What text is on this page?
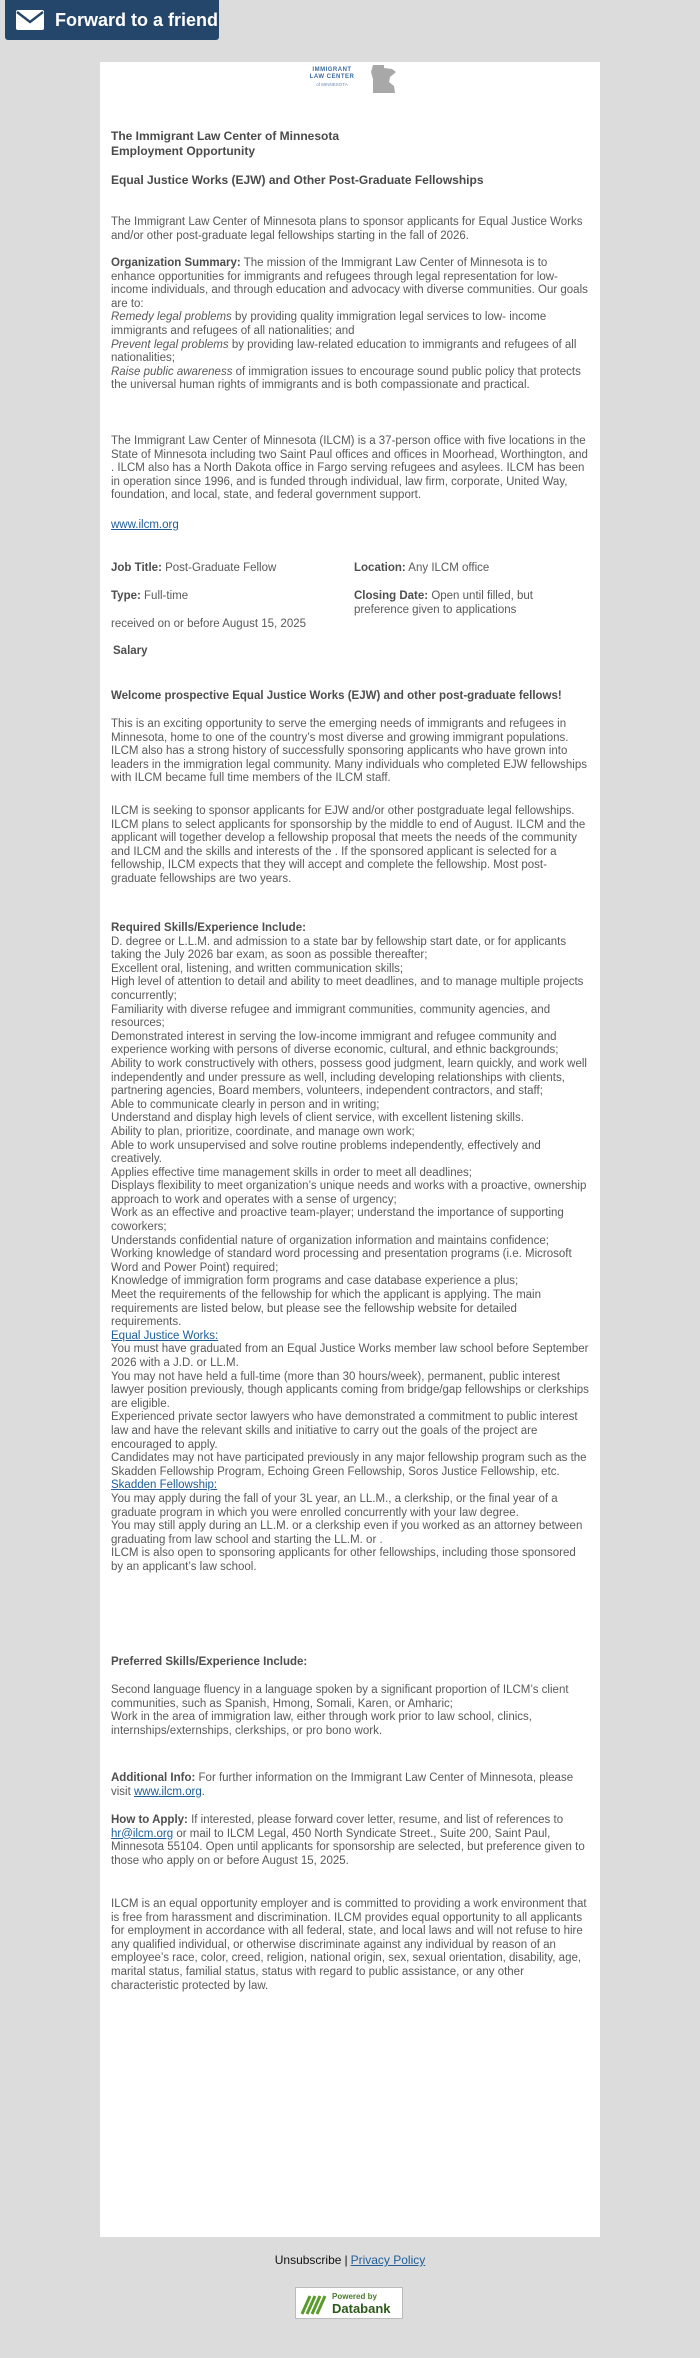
Forward to a friend
IMMIGRANT
LAW CENTER
of MINNESOTA
The Immigrant Law Center of Minnesota
Employment Opportunity
Equal Justice Works (EJW) and Other Post-Graduate Fellowships

The Immigrant Law Center of Minnesota plans to sponsor applicants for Equal Justice Works and/or other post-graduate legal fellowships starting in the fall of 2026.

Organization Summary: The mission of the Immigrant Law Center of Minnesota is to enhance opportunities for immigrants and refugees through legal representation for low-income individuals, and through education and advocacy with diverse communities. Our goals are to:
Remedy legal problems by providing quality immigration legal services to low- income immigrants and refugees of all nationalities; and
Prevent legal problems by providing law-related education to immigrants and refugees of all nationalities;
Raise public awareness of immigration issues to encourage sound public policy that protects the universal human rights of immigrants and is both compassionate and practical.

The Immigrant Law Center of Minnesota (ILCM) is a 37-person office with five locations in the State of Minnesota including two Saint Paul offices and offices in Moorhead, Worthington, and . ILCM also has a North Dakota office in Fargo serving refugees and asylees. ILCM has been in operation since 1996, and is funded through individual, law firm, corporate, United Way, foundation, and local, state, and federal government support.

www.ilcm.org
Job Title: Post-Graduate Fellow	Location: Any ILCM office
Type: Full-time	Closing Date: Open until filled, but preference given to applications
received on or before August 15, 2025
Salary
Welcome prospective Equal Justice Works (EJW) and other post-graduate fellows!

This is an exciting opportunity to serve the emerging needs of immigrants and refugees in Minnesota, home to one of the country’s most diverse and growing immigrant populations. ILCM also has a strong history of successfully sponsoring applicants who have grown into leaders in the immigration legal community. Many individuals who completed EJW fellowships with ILCM became full time members of the ILCM staff.

ILCM is seeking to sponsor applicants for EJW and/or other postgraduate legal fellowships. ILCM plans to select applicants for sponsorship by the middle to end of August. ILCM and the applicant will together develop a fellowship proposal that meets the needs of the community and ILCM and the skills and interests of the . If the sponsored applicant is selected for a fellowship, ILCM expects that they will accept and complete the fellowship. Most post-graduate fellowships are two years.

Required Skills/Experience Include:
D. degree or L.L.M. and admission to a state bar by fellowship start date, or for applicants taking the July 2026 bar exam, as soon as possible thereafter;
Excellent oral, listening, and written communication skills;
High level of attention to detail and ability to meet deadlines, and to manage multiple projects concurrently;
Familiarity with diverse refugee and immigrant communities, community agencies, and resources;
Demonstrated interest in serving the low-income immigrant and refugee community and experience working with persons of diverse economic, cultural, and ethnic backgrounds;
Ability to work constructively with others, possess good judgment, learn quickly, and work well independently and under pressure as well, including developing relationships with clients, partnering agencies, Board members, volunteers, independent contractors, and staff;
Able to communicate clearly in person and in writing;
Understand and display high levels of client service, with excellent listening skills.
Ability to plan, prioritize, coordinate, and manage own work;
Able to work unsupervised and solve routine problems independently, effectively and creatively.
Applies effective time management skills in order to meet all deadlines;
Displays flexibility to meet organization’s unique needs and works with a proactive, ownership approach to work and operates with a sense of urgency;
Work as an effective and proactive team-player; understand the importance of supporting coworkers;
Understands confidential nature of organization information and maintains confidence;
Working knowledge of standard word processing and presentation programs (i.e. Microsoft Word and Power Point) required;
Knowledge of immigration form programs and case database experience a plus;
Meet the requirements of the fellowship for which the applicant is applying. The main requirements are listed below, but please see the fellowship website for detailed requirements.
Equal Justice Works:
You must have graduated from an Equal Justice Works member law school before September 2026 with a J.D. or LL.M.
You may not have held a full-time (more than 30 hours/week), permanent, public interest lawyer position previously, though applicants coming from bridge/gap fellowships or clerkships are eligible.
Experienced private sector lawyers who have demonstrated a commitment to public interest law and have the relevant skills and initiative to carry out the goals of the project are encouraged to apply.
Candidates may not have participated previously in any major fellowship program such as the Skadden Fellowship Program, Echoing Green Fellowship, Soros Justice Fellowship, etc.
Skadden Fellowship:
You may apply during the fall of your 3L year, an LL.M., a clerkship, or the final year of a graduate program in which you were enrolled concurrently with your law degree.
You may still apply during an LL.M. or a clerkship even if you worked as an attorney between graduating from law school and starting the LL.M. or .
ILCM is also open to sponsoring applicants for other fellowships, including those sponsored by an applicant’s law school.
Preferred Skills/Experience Include:
Second language fluency in a language spoken by a significant proportion of ILCM’s client communities, such as Spanish, Hmong, Somali, Karen, or Amharic;
Work in the area of immigration law, either through work prior to law school, clinics, internships/externships, clerkships, or pro bono work.
Additional Info: For further information on the Immigrant Law Center of Minnesota, please visit www.ilcm.org.
How to Apply: If interested, please forward cover letter, resume, and list of references to hr@ilcm.org or mail to ILCM Legal, 450 North Syndicate Street., Suite 200, Saint Paul, Minnesota 55104. Open until applicants for sponsorship are selected, but preference given to those who apply on or before August 15, 2025.

ILCM is an equal opportunity employer and is committed to providing a work environment that is free from harassment and discrimination. ILCM provides equal opportunity to all applicants for employment in accordance with all federal, state, and local laws and will not refuse to hire any qualified individual, or otherwise discriminate against any individual by reason of an employee’s race, color, creed, religion, national origin, sex, sexual orientation, disability, age, marital status, familial status, status with regard to public assistance, or any other characteristic protected by law.

Unsubscribe | Privacy Policy
Powered by
Databank
